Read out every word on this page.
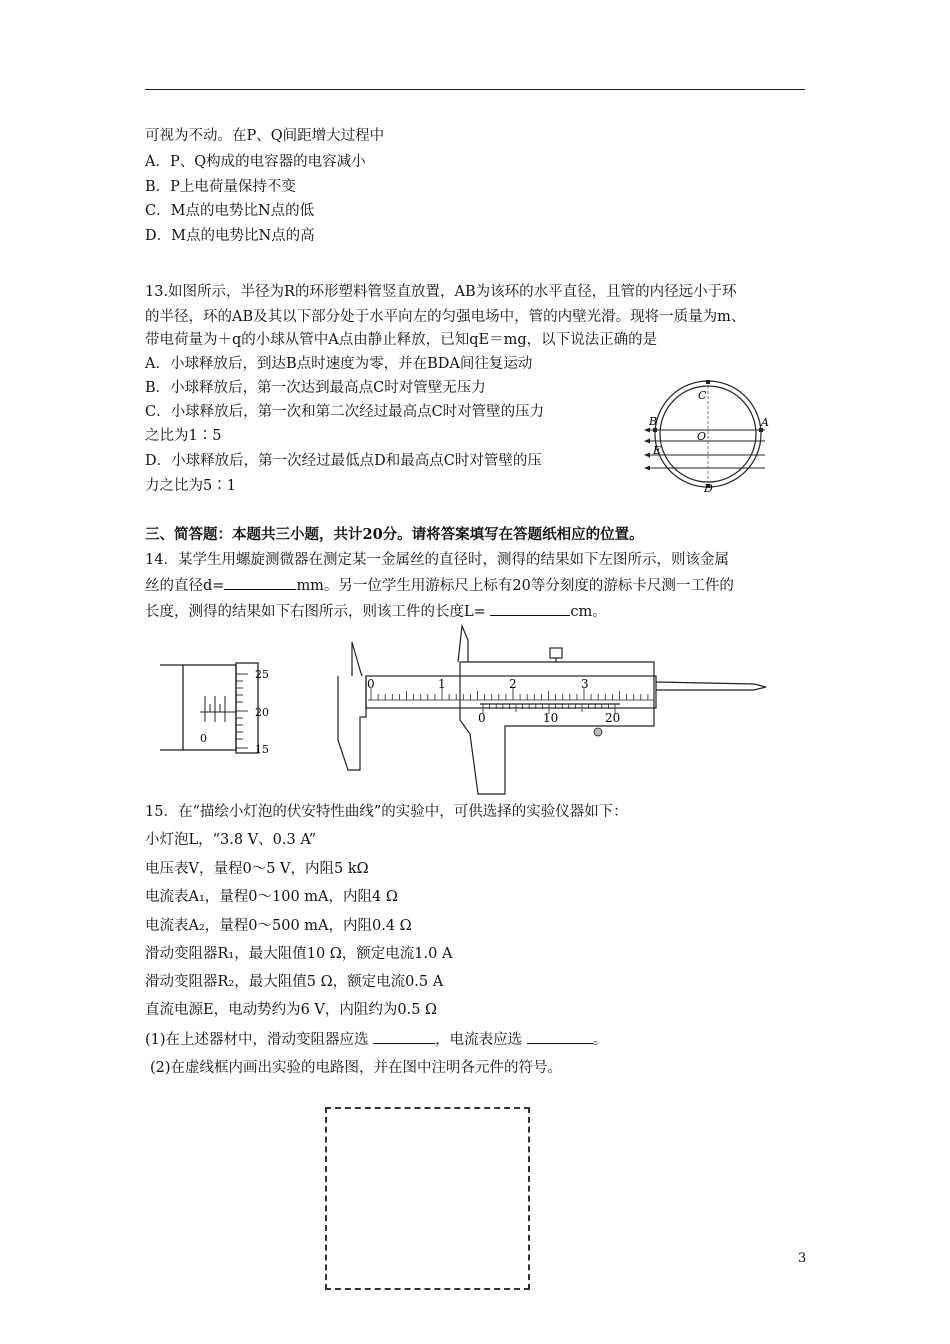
可视为不动。在P、Q间距增大过程中
A．P、Q构成的电容器的电容减小
B．P上电荷量保持不变
C．M点的电势比N点的低
D．M点的电势比N点的高
13.如图所示，半径为R的环形塑料管竖直放置，AB为该环的水平直径，且管的内径远小于环
的半径，环的AB及其以下部分处于水平向左的匀强电场中，管的内壁光滑。现将一质量为m、
带电荷量为＋q的小球从管中A点由静止释放，已知qE＝mg，以下说法正确的是
A．小球释放后，到达B点时速度为零，并在BDA间往复运动
B．小球释放后，第一次达到最高点C时对管壁无压力
C．小球释放后，第一次和第二次经过最高点C时对管壁的压力
之比为1∶5
D．小球释放后，第一次经过最低点D和最高点C时对管壁的压
力之比为5∶1
C
B	A
O
E
D
三、简答题：本题共三小题，共计20分。请将答案填写在答题纸相应的位置。
14．某学生用螺旋测微器在测定某一金属丝的直径时，测得的结果如下左图所示，则该金属
丝的直径d=	mm。另一位学生用游标尺上标有20等分刻度的游标卡尺测一工件的
长度，测得的结果如下右图所示，则该工件的长度L=	cm。
0
25
20
15
0	1	2	3
0	10	20
15．在“描绘小灯泡的伏安特性曲线”的实验中，可供选择的实验仪器如下：
小灯泡L，“3.8 V、0.3 A”
电压表V，量程0～5 V，内阻5 kΩ
电流表A₁，量程0～100 mA，内阻4 Ω
电流表A₂，量程0～500 mA，内阻0.4 Ω
滑动变阻器R₁，最大阻值10 Ω，额定电流1.0 A
滑动变阻器R₂，最大阻值5 Ω，额定电流0.5 A
直流电源E，电动势约为6 V，内阻约为0.5 Ω
(1)在上述器材中，滑动变阻器应选	，电流表应选	。
(2)在虚线框内画出实验的电路图，并在图中注明各元件的符号。
3
